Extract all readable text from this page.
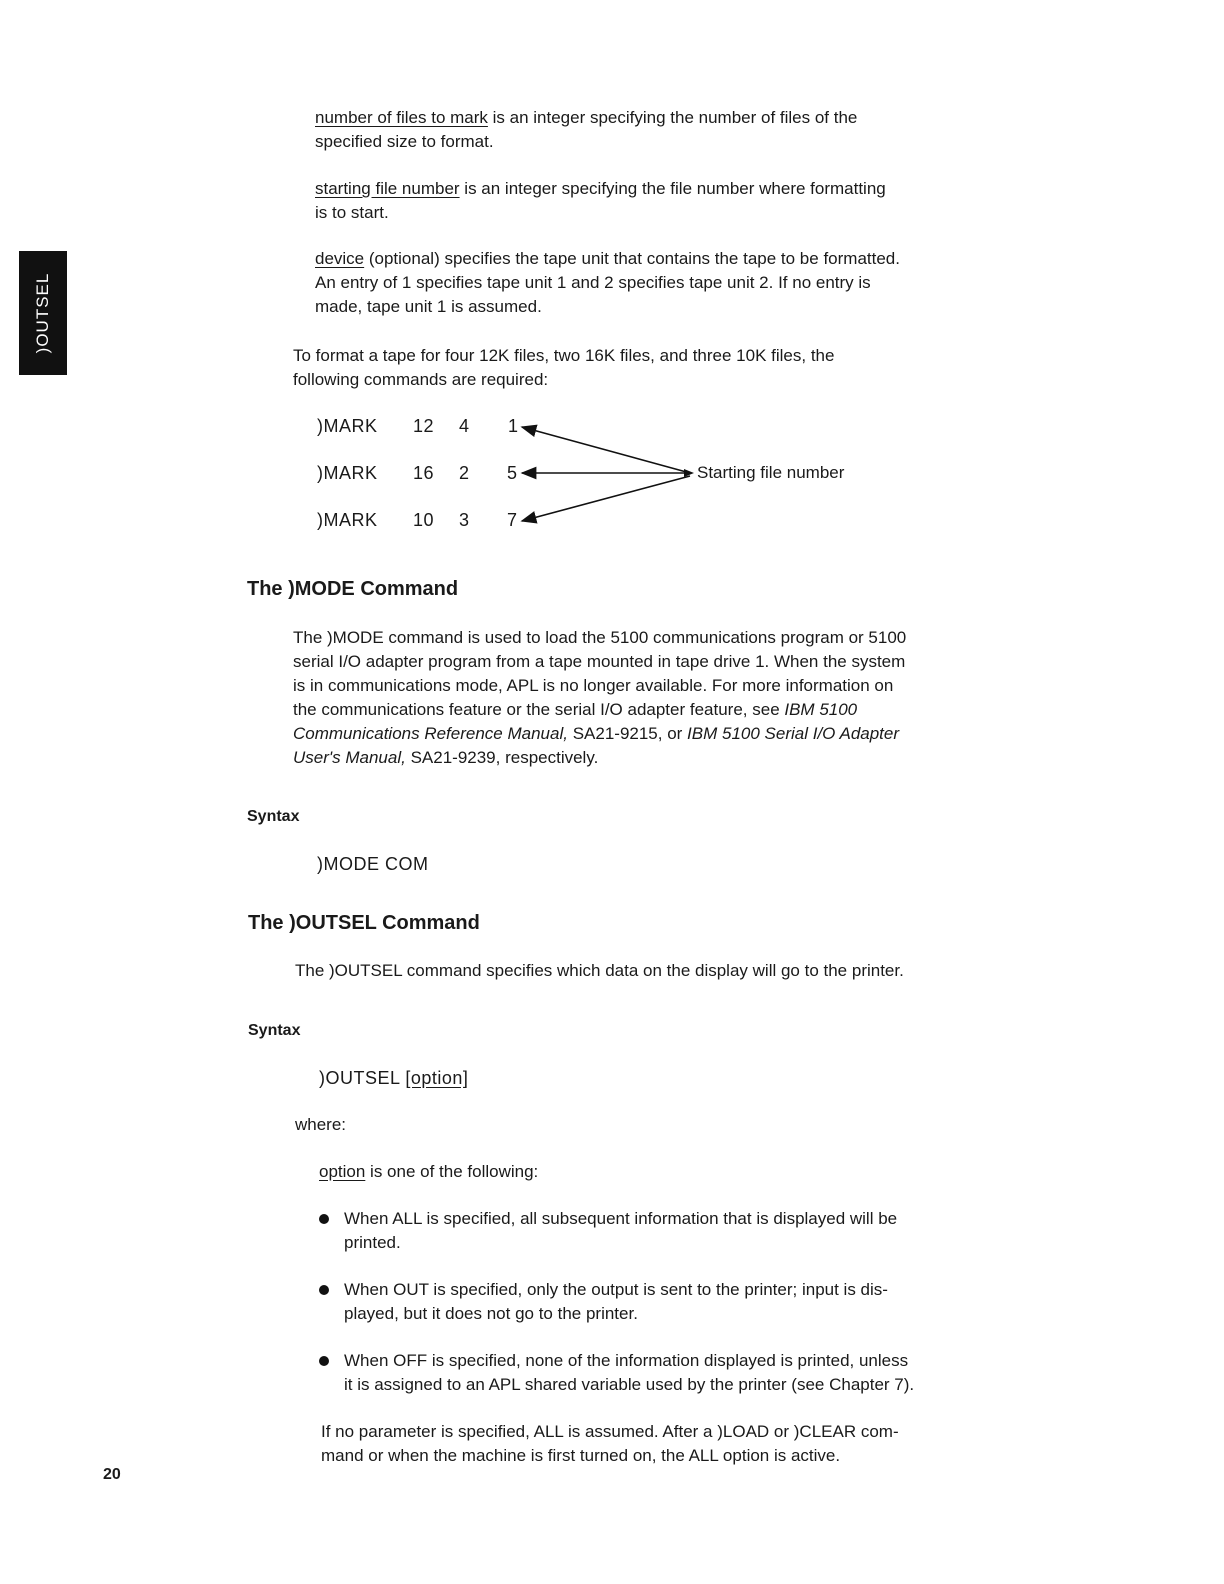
)OUTSEL
number of files to mark is an integer specifying the number of files of the
specified size to format.
starting file number is an integer specifying the file number where formatting
is to start.
device (optional) specifies the tape unit that contains the tape to be formatted.
An entry of 1 specifies tape unit 1 and 2 specifies tape unit 2. If no entry is
made, tape unit 1 is assumed.
To format a tape for four 12K files, two 16K files, and three 10K files, the
following commands are required:
)MARK 12 4 1
)MARK 16 2 5
)MARK 10 3 7
Starting file number
The )MODE Command
The )MODE command is used to load the 5100 communications program or 5100
serial I/O adapter program from a tape mounted in tape drive 1. When the system
is in communications mode, APL is no longer available. For more information on
the communications feature or the serial I/O adapter feature, see IBM 5100
Communications Reference Manual, SA21-9215, or IBM 5100 Serial I/O Adapter
User's Manual, SA21-9239, respectively.
Syntax
)MODE COM
The )OUTSEL Command
The )OUTSEL command specifies which data on the display will go to the printer.
Syntax
)OUTSEL [option]
where:
option is one of the following:
When ALL is specified, all subsequent information that is displayed will be
printed.
When OUT is specified, only the output is sent to the printer; input is dis-
played, but it does not go to the printer.
When OFF is specified, none of the information displayed is printed, unless
it is assigned to an APL shared variable used by the printer (see Chapter 7).
If no parameter is specified, ALL is assumed. After a )LOAD or )CLEAR com-
mand or when the machine is first turned on, the ALL option is active.
20
